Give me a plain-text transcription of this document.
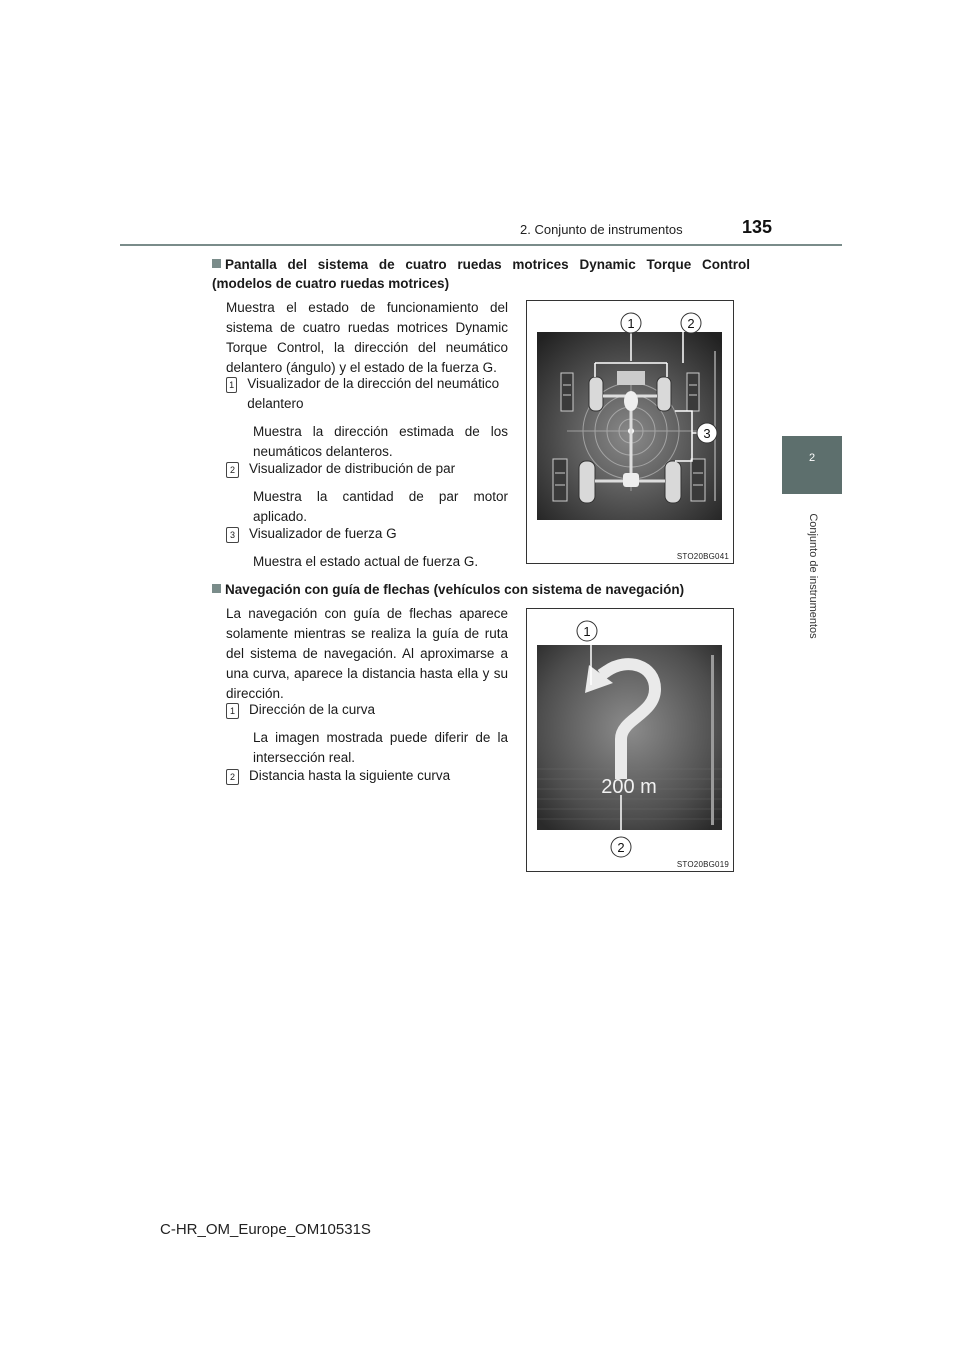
2. Conjunto de instrumentos	135
2
Conjunto de instrumentos
Pantalla del sistema de cuatro ruedas motrices Dynamic Torque Control (modelos de cuatro ruedas motrices)
Muestra el estado de funcionamiento del sistema de cuatro ruedas motrices Dynamic Torque Control, la dirección del neumático delantero (ángulo) y el estado de la fuerza G.
1 Visualizador de la dirección del neumático delantero
Muestra la dirección estimada de los neumáticos delanteros.
2 Visualizador de distribución de par
Muestra la cantidad de par motor aplicado.
3 Visualizador de fuerza G
Muestra el estado actual de fuerza G.
1	2
3
STO20BG041
Navegación con guía de flechas (vehículos con sistema de navegación)
La navegación con guía de flechas aparece solamente mientras se realiza la guía de ruta del sistema de navegación. Al aproximarse a una curva, aparece la distancia hasta ella y su dirección.
1 Dirección de la curva
La imagen mostrada puede diferir de la intersección real.
2 Distancia hasta la siguiente curva
200 m
1
2
STO20BG019
C-HR_OM_Europe_OM10531S
